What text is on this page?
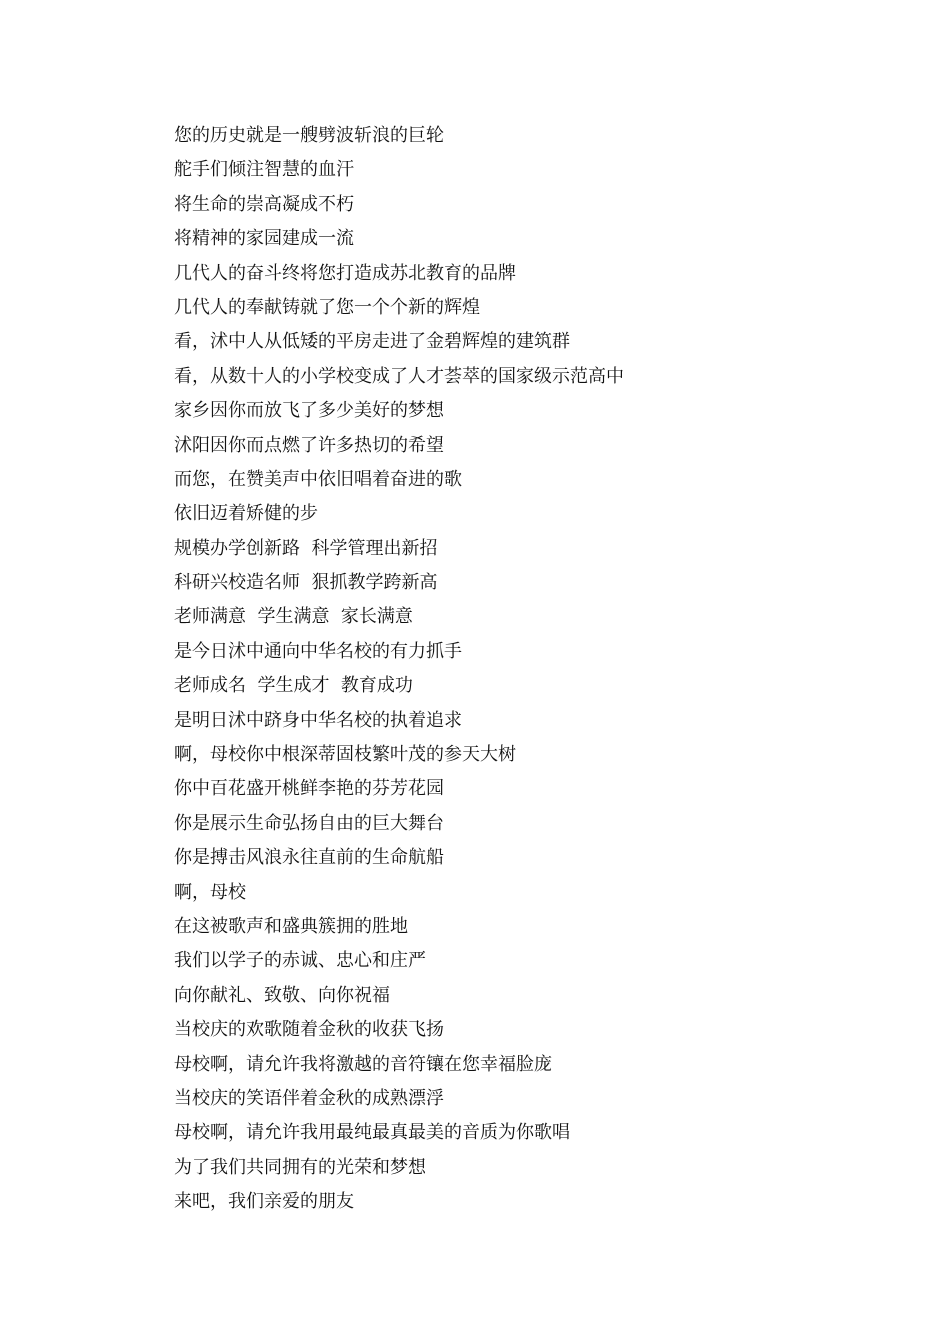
您的历史就是一艘劈波斩浪的巨轮
舵手们倾注智慧的血汗
将生命的崇高凝成不朽
将精神的家园建成一流
几代人的奋斗终将您打造成苏北教育的品牌
几代人的奉献铸就了您一个个新的辉煌
看，沭中人从低矮的平房走进了金碧辉煌的建筑群
看，从数十人的小学校变成了人才荟萃的国家级示范高中
家乡因你而放飞了多少美好的梦想
沭阳因你而点燃了许多热切的希望
而您，在赞美声中依旧唱着奋进的歌
依旧迈着矫健的步
规模办学创新路  科学管理出新招
科研兴校造名师  狠抓教学跨新高
老师满意  学生满意  家长满意
是今日沭中通向中华名校的有力抓手
老师成名  学生成才  教育成功
是明日沭中跻身中华名校的执着追求
啊，母校你中根深蒂固枝繁叶茂的参天大树
你中百花盛开桃鲜李艳的芬芳花园
你是展示生命弘扬自由的巨大舞台
你是搏击风浪永往直前的生命航船
啊，母校
在这被歌声和盛典簇拥的胜地
我们以学子的赤诚、忠心和庄严
向你献礼、致敬、向你祝福
当校庆的欢歌随着金秋的收获飞扬
母校啊，请允许我将激越的音符镶在您幸福脸庞
当校庆的笑语伴着金秋的成熟漂浮
母校啊，请允许我用最纯最真最美的音质为你歌唱
为了我们共同拥有的光荣和梦想
来吧，我们亲爱的朋友
